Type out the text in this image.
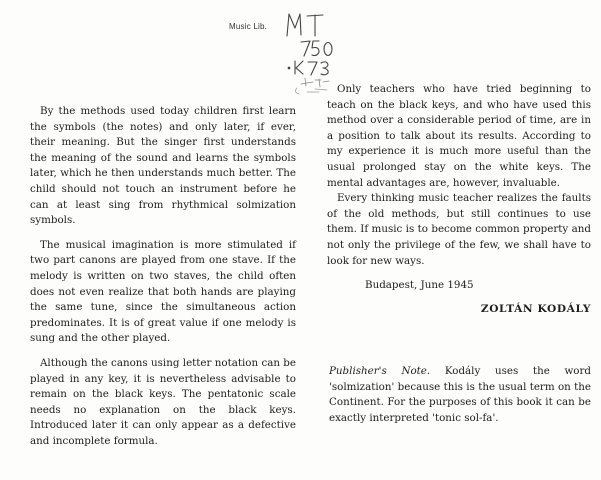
Music Lib.

By the methods used today children first learn the symbols (the notes) and only later, if ever, their meaning. But the singer first understands the meaning of the sound and learns the symbols later, which he then understands much better. The child should not touch an instrument before he can at least sing from rhythmical solmization symbols.

The musical imagination is more stimulated if two part canons are played from one stave. If the melody is written on two staves, the child often does not even realize that both hands are playing the same tune, since the simultaneous action predominates. It is of great value if one melody is sung and the other played.

Although the canons using letter notation can be played in any key, it is nevertheless advisable to remain on the black keys. The pentatonic scale needs no explanation on the black keys. Introduced later it can only appear as a defective and incomplete formula.

Only teachers who have tried beginning to teach on the black keys, and who have used this method over a considerable period of time, are in a position to talk about its results. According to my experience it is much more useful than the usual prolonged stay on the white keys. The mental advantages are, however, invaluable.

Every thinking music teacher realizes the faults of the old methods, but still continues to use them. If music is to become common property and not only the privilege of the few, we shall have to look for new ways.

Budapest, June 1945
ZOLTÁN KODÁLY
Publisher's Note. Kodály uses the word 'solmization' because this is the usual term on the Continent. For the purposes of this book it can be exactly interpreted 'tonic sol-fa'.
